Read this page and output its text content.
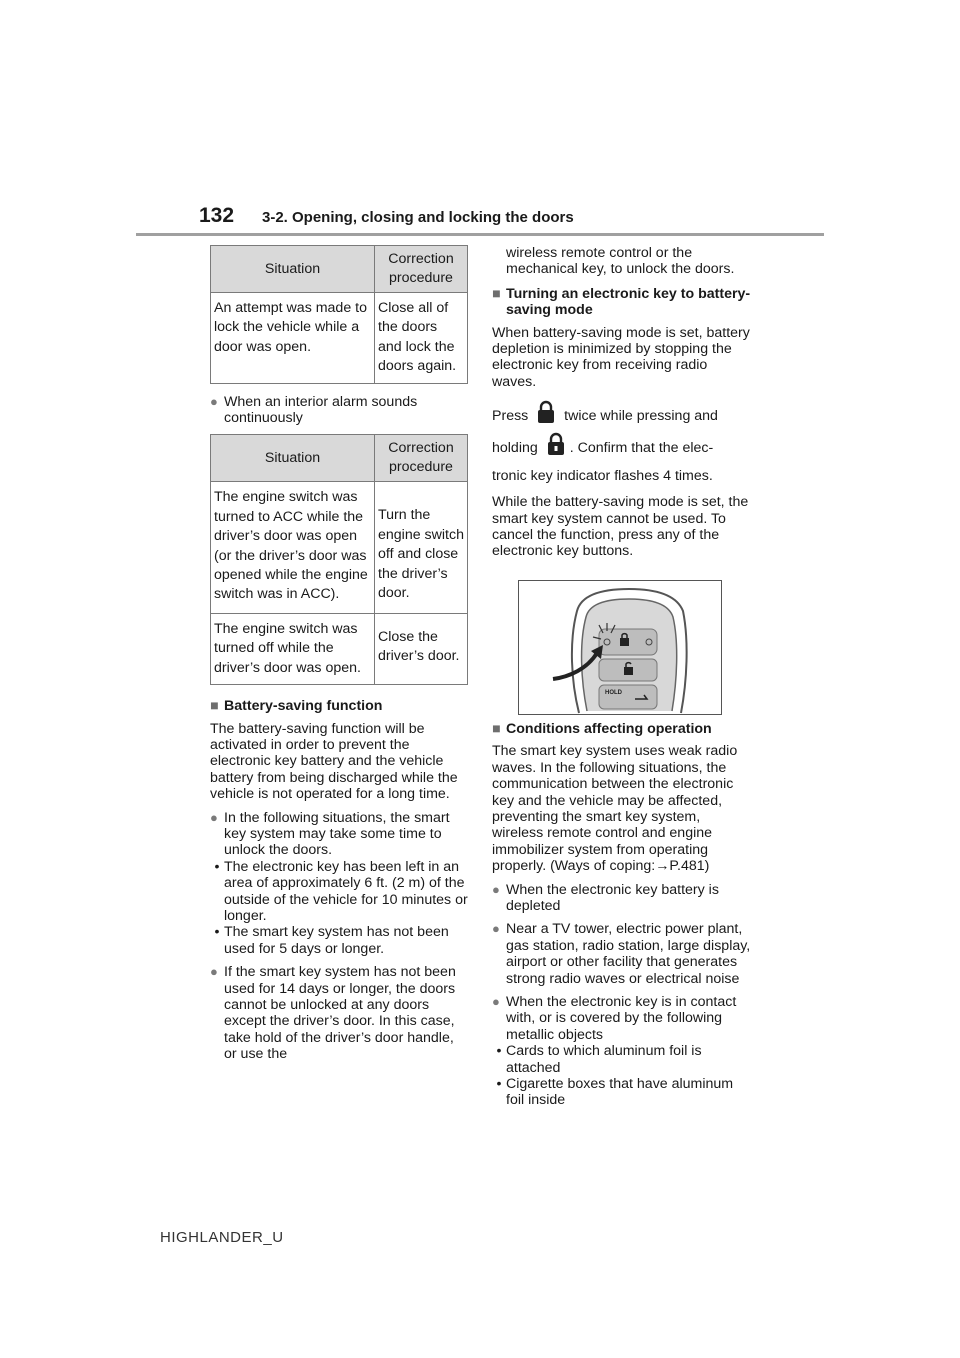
132 3-2. Opening, closing and locking the doors
Situation	Correction procedure
An attempt was made to lock the vehicle while a door was open.	Close all of the doors and lock the doors again.
● When an interior alarm sounds continuously
Situation	Correction procedure
The engine switch was turned to ACC while the driver’s door was open (or the driver’s door was opened while the engine switch was in ACC).	Turn the engine switch off and close the driver’s door.
The engine switch was turned off while the driver’s door was open.	Close the driver’s door.
■ Battery-saving function

The battery-saving function will be activated in order to prevent the electronic key battery and the vehicle battery from being discharged while the vehicle is not operated for a long time.

● In the following situations, the smart key system may take some time to unlock the doors.
• The electronic key has been left in an area of approximately 6 ft. (2 m) of the outside of the vehicle for 10 minutes or longer.
• The smart key system has not been used for 5 days or longer.
● If the smart key system has not been used for 14 days or longer, the doors cannot be unlocked at any doors except the driver’s door. In this case, take hold of the driver’s door handle, or use the
wireless remote control or the mechanical key, to unlock the doors.
■ Turning an electronic key to battery-saving mode

When battery-saving mode is set, battery depletion is minimized by stopping the electronic key from receiving radio waves.

Press	twice while pressing and
holding . Confirm that the elec-
tronic key indicator flashes 4 times.

While the battery-saving mode is set, the smart key system cannot be used. To cancel the function, press any of the electronic key buttons.

HOLD
■ Conditions affecting operation

The smart key system uses weak radio waves. In the following situations, the communication between the electronic key and the vehicle may be affected, preventing the smart key system, wireless remote control and engine immobilizer system from operating properly. (Ways of coping:→P.481)

● When the electronic key battery is depleted
● Near a TV tower, electric power plant, gas station, radio station, large display, airport or other facility that generates strong radio waves or electrical noise
● When the electronic key is in contact with, or is covered by the following metallic objects
• Cards to which aluminum foil is attached
• Cigarette boxes that have aluminum foil inside
HIGHLANDER_U
